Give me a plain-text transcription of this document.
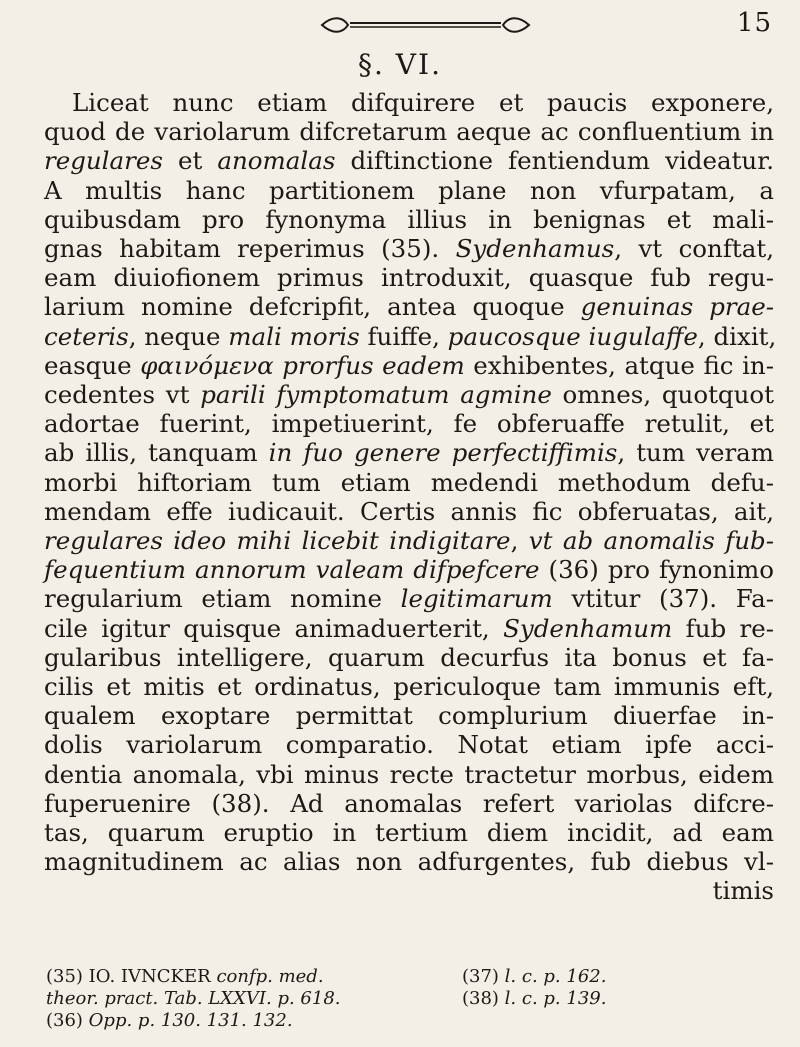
15
§. VI.
Liceat nunc etiam difquirere et paucis exponere,
quod de variolarum difcretarum aeque ac confluentium in
regulares et anomalas diftinctione fentiendum videatur.
A multis hanc partitionem plane non vfurpatam, a
quibusdam pro fynonyma illius in benignas et mali-
gnas habitam reperimus (35). Sydenhamus, vt conftat,
eam diuiofionem primus introduxit, quasque fub regu-
larium nomine defcripfit, antea quoque genuinas prae-
ceteris, neque mali moris fuiffe, paucosque iugulaffe, dixit,
easque φαινόμενα prorfus eadem exhibentes, atque fic in-
cedentes vt parili fymptomatum agmine omnes, quotquot
adortae fuerint, impetiuerint, fe obferuaffe retulit, et
ab illis, tanquam in fuo genere perfectiffimis, tum veram
morbi hiftoriam tum etiam medendi methodum defu-
mendam effe iudicauit. Certis annis fic obferuatas, ait,
regulares ideo mihi licebit indigitare, vt ab anomalis fub-
fequentium annorum valeam difpefcere (36) pro fynonimo
regularium etiam nomine legitimarum vtitur (37). Fa-
cile igitur quisque animaduerterit, Sydenhamum fub re-
gularibus intelligere, quarum decurfus ita bonus et fa-
cilis et mitis et ordinatus, periculoque tam immunis eft,
qualem exoptare permittat complurium diuerfae in-
dolis variolarum comparatio. Notat etiam ipfe acci-
dentia anomala, vbi minus recte tractetur morbus, eidem
fuperuenire (38). Ad anomalas refert variolas difcre-
tas, quarum eruptio in tertium diem incidit, ad eam
magnitudinem ac alias non adfurgentes, fub diebus vl-
timis
(35) IO. IVNCKER confp. med.
theor. pract. Tab. LXXVI. p. 618.
(36) Opp. p. 130. 131. 132.
(37) l. c. p. 162.
(38) l. c. p. 139.
